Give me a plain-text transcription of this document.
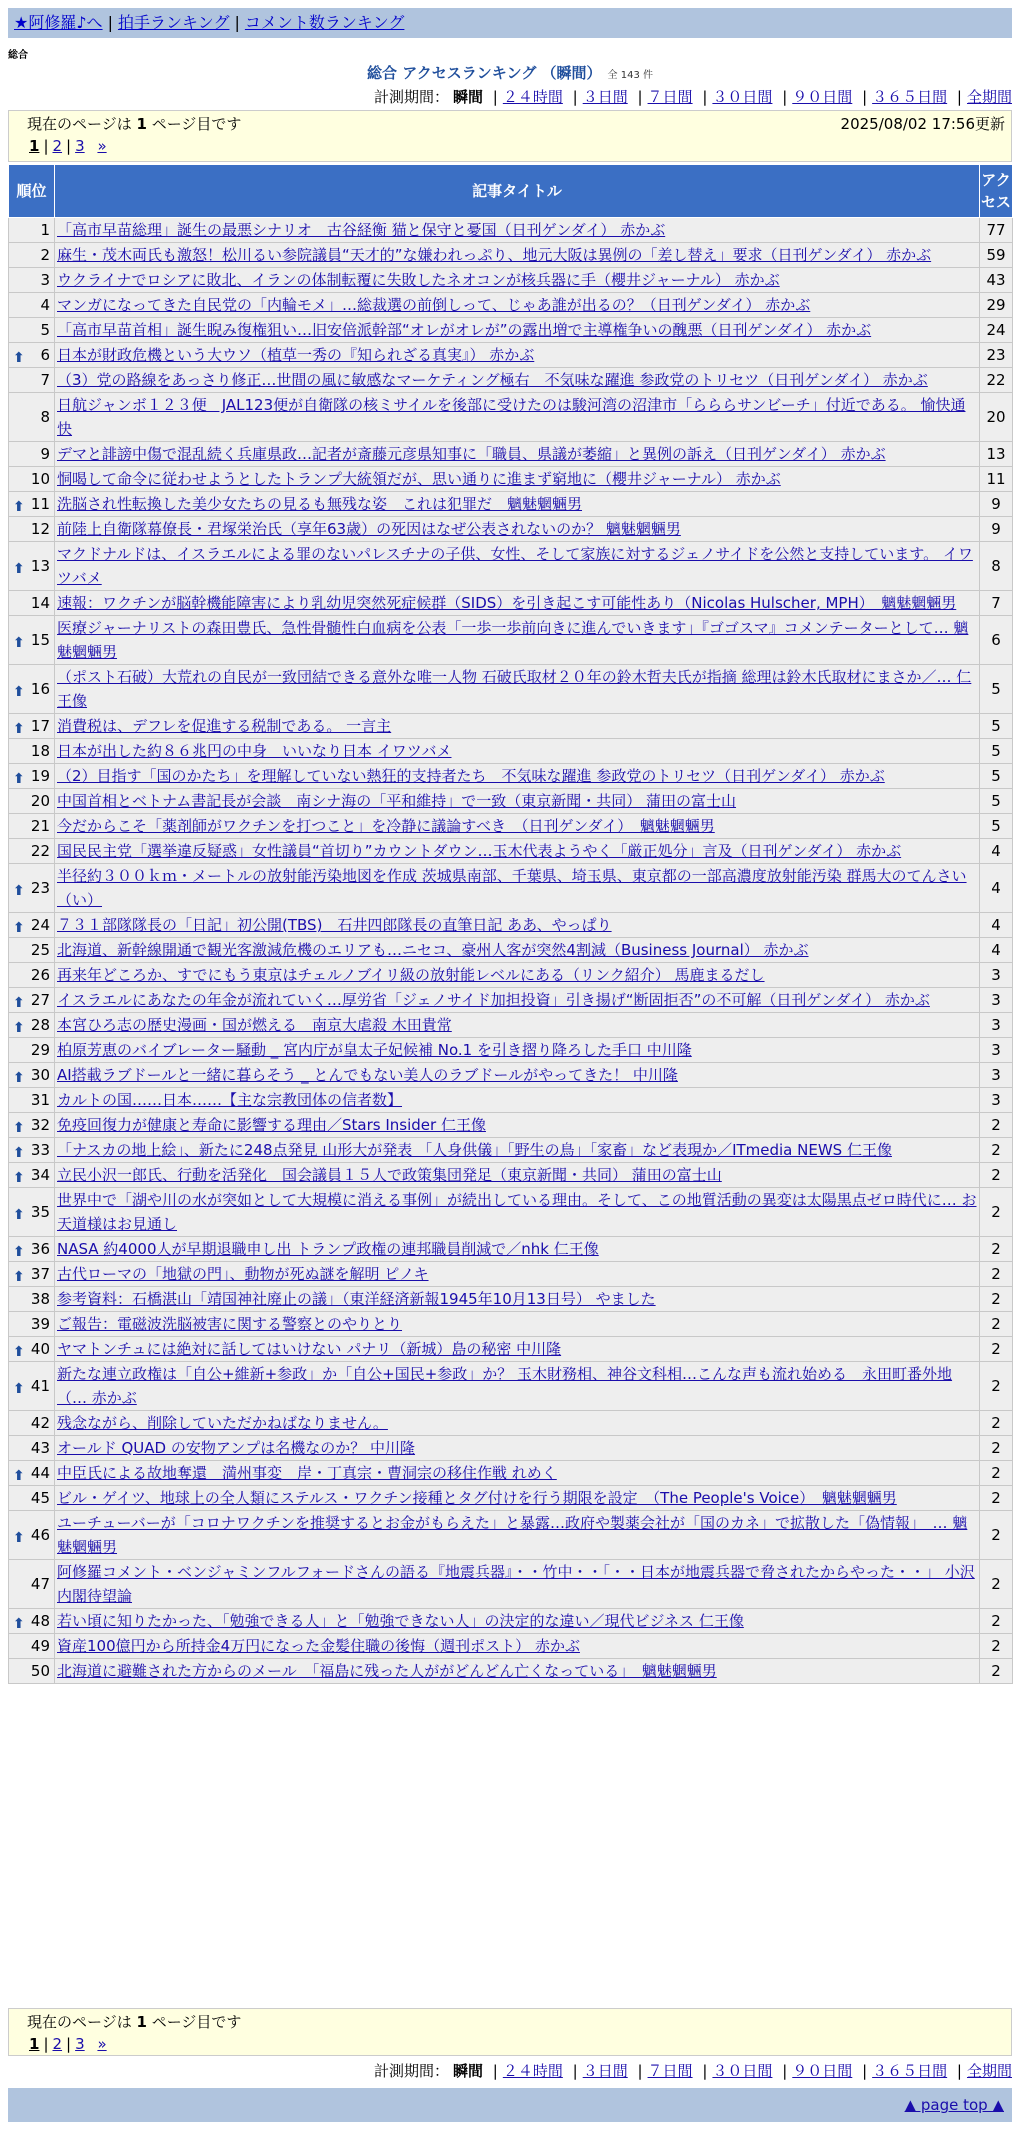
★阿修羅♪へ | 拍手ランキング | コメント数ランキング
総合
総合 アクセスランキング （瞬間） 全 143 件
計測期間： 瞬間 | ２４時間 | ３日間 | ７日間 | ３０日間 | ９０日間 | ３６５日間 | 全期間
現在のページは 1 ページ目です	2025/08/02 17:56更新
1 | 2 | 3 »
順位	記事タイトル	アクセス
1	「高市早苗総理」誕生の最悪シナリオ　古谷経衡 猫と保守と憂国（日刊ゲンダイ） 赤かぶ	77
2	麻生・茂木両氏も激怒！松川るい参院議員“天才的”な嫌われっぷり、地元大阪は異例の「差し替え」要求（日刊ゲンダイ） 赤かぶ	59
3	ウクライナでロシアに敗北、イランの体制転覆に失敗したネオコンが核兵器に手（櫻井ジャーナル） 赤かぶ	43
4	マンガになってきた自民党の「内輪モメ」…総裁選の前倒しって、じゃあ誰が出るの？（日刊ゲンダイ） 赤かぶ	29
5	「高市早苗首相」誕生睨み復権狙い…旧安倍派幹部“オレがオレが”の露出増で主導権争いの醜悪（日刊ゲンダイ） 赤かぶ	24

⬆ 6	日本が財政危機という大ウソ（植草一秀の『知られざる真実』） 赤かぶ	23
7	（3）党の路線をあっさり修正…世間の風に敏感なマーケティング極右　不気味な躍進 参政党のトリセツ（日刊ゲンダイ） 赤かぶ	22
8	日航ジャンボ１２３便　JAL123便が自衛隊の核ミサイルを後部に受けたのは駿河湾の沼津市「らららサンビーチ」付近である。 愉快通快	20
9	デマと誹謗中傷で混乱続く兵庫県政…記者が斎藤元彦県知事に「職員、県議が萎縮」と異例の訴え（日刊ゲンダイ） 赤かぶ	13
10	恫喝して命令に従わせようとしたトランプ大統領だが、思い通りに進まず窮地に（櫻井ジャーナル） 赤かぶ	11

⬆ 11	洗脳され性転換した美少女たちの見るも無残な姿　これは犯罪だ　魑魅魍魎男	9
12	前陸上自衛隊幕僚長・君塚栄治氏（享年63歳）の死因はなぜ公表されないのか？ 魑魅魍魎男	9

⬆ 13	マクドナルドは、イスラエルによる罪のないパレスチナの子供、女性、そして家族に対するジェノサイドを公然と支持しています。 イワツバメ	8
14	速報：ワクチンが脳幹機能障害により乳幼児突然死症候群（SIDS）を引き起こす可能性あり（Nicolas Hulscher, MPH）　魑魅魍魎男	7

⬆ 15	医療ジャーナリストの森田豊氏、急性骨髄性白血病を公表「一歩一歩前向きに進んでいきます」『ゴゴスマ』コメンテーターとして… 魑魅魍魎男	6

⬆ 16	（ポスト石破）大荒れの自民が一致団結できる意外な唯一人物 石破氏取材２０年の鈴木哲夫氏が指摘 総理は鈴木氏取材にまさか／… 仁王像	5

⬆ 17	消費税は、デフレを促進する税制である。 一言主	5
18	日本が出した約８６兆円の中身　いいなり日本 イワツバメ	5

⬆ 19	（2）目指す「国のかたち」を理解していない熱狂的支持者たち　不気味な躍進 参政党のトリセツ（日刊ゲンダイ） 赤かぶ	5
20	中国首相とベトナム書記長が会談　南シナ海の「平和維持」で一致（東京新聞・共同） 蒲田の富士山	5
21	今だからこそ「薬剤師がワクチンを打つこと」を冷静に議論すべき　（日刊ゲンダイ）　魑魅魍魎男	5
22	国民民主党「選挙違反疑惑」女性議員“首切り”カウントダウン…玉木代表ようやく「厳正処分」言及（日刊ゲンダイ） 赤かぶ	4

⬆ 23	半径約３００ｋｍ・メートルの放射能汚染地図を作成 茨城県南部、千葉県、埼玉県、東京都の一部高濃度放射能汚染 群馬大のてんさい（い）	4

⬆ 24	７３１部隊隊長の「日記」初公開(TBS)　石井四郎隊長の直筆日記 ああ、やっぱり	4
25	北海道、新幹線開通で観光客激減危機のエリアも…ニセコ、豪州人客が突然4割減（Business Journal） 赤かぶ	4
26	再来年どころか、すでにもう東京はチェルノブイリ級の放射能レベルにある（リンク紹介） 馬鹿まるだし	3

⬆ 27	イスラエルにあなたの年金が流れていく…厚労省「ジェノサイド加担投資」引き揚げ“断固拒否”の不可解（日刊ゲンダイ） 赤かぶ	3

⬆ 28	本宮ひろ志の歴史漫画・国が燃える　南京大虐殺 木田貴常	3
29	柏原芳恵のバイブレーター騒動 _ 宮内庁が皇太子妃候補 No.1 を引き摺り降ろした手口 中川隆	3

⬆ 30	AI搭載ラブドールと一緒に暮らそう _ とんでもない美人のラブドールがやってきた！ 中川隆	3
31	カルトの国……日本……【主な宗教団体の信者数】	3

⬆ 32	免疫回復力が健康と寿命に影響する理由／Stars Insider 仁王像	2

⬆ 33	「ナスカの地上絵」、新たに248点発見 山形大が発表 「人身供儀」「野生の鳥」「家畜」など表現か／ITmedia NEWS 仁王像	2

⬆ 34	立民小沢一郎氏、行動を活発化　国会議員１５人で政策集団発足（東京新聞・共同） 蒲田の富士山	2

⬆ 35	世界中で「湖や川の水が突如として大規模に消える事例」が続出している理由。そして、この地質活動の異変は太陽黒点ゼロ時代に… お天道様はお見通し	2

⬆ 36	NASA 約4000人が早期退職申し出 トランプ政権の連邦職員削減で／nhk 仁王像	2

⬆ 37	古代ローマの「地獄の門」、動物が死ぬ謎を解明 ピノキ	2
38	参考資料：石橋湛山「靖国神社廃止の議」（東洋経済新報1945年10月13日号） やました	2
39	ご報告：電磁波洗脳被害に関する警察とのやりとり	2

⬆ 40	ヤマトンチュには絶対に話してはいけない パナリ（新城）島の秘密 中川隆	2

⬆ 41	新たな連立政権は「自公+維新+参政」か「自公+国民+参政」か？ 玉木財務相、神谷文科相…こんな声も流れ始める　永田町番外地（… 赤かぶ	2
42	残念ながら、削除していただかねばなりません。	2
43	オールド QUAD の安物アンプは名機なのか？ 中川隆	2

⬆ 44	中臣氏による故地奪還　満州事変　岸・丁真宗・曹洞宗の移住作戦 れめく	2
45	ビル・ゲイツ、地球上の全人類にステルス・ワクチン接種とタグ付けを行う期限を設定　（The People's Voice）　魑魅魍魎男	2

⬆ 46	ユーチューバーが「コロナワクチンを推奨するとお金がもらえた」と暴露…政府や製薬会社が「国のカネ」で拡散した「偽情報」　… 魑魅魍魎男	2
47	阿修羅コメント・ベンジャミンフルフォードさんの語る『地震兵器』・・竹中・・「・・日本が地震兵器で脅されたからやった・・」 小沢内閣待望論	2

⬆ 48	若い頃に知りたかった、「勉強できる人」と「勉強できない人」の決定的な違い／現代ビジネス 仁王像	2
49	資産100億円から所持金4万円になった金髪住職の後悔（週刊ポスト） 赤かぶ	2
50	北海道に避難された方からのメール　「福島に残った人ががどんどん亡くなっている」　魑魅魍魎男	2
現在のページは 1 ページ目です
1 | 2 | 3 »
計測期間： 瞬間 | ２４時間 | ３日間 | ７日間 | ３０日間 | ９０日間 | ３６５日間 | 全期間
▲ page top ▲
